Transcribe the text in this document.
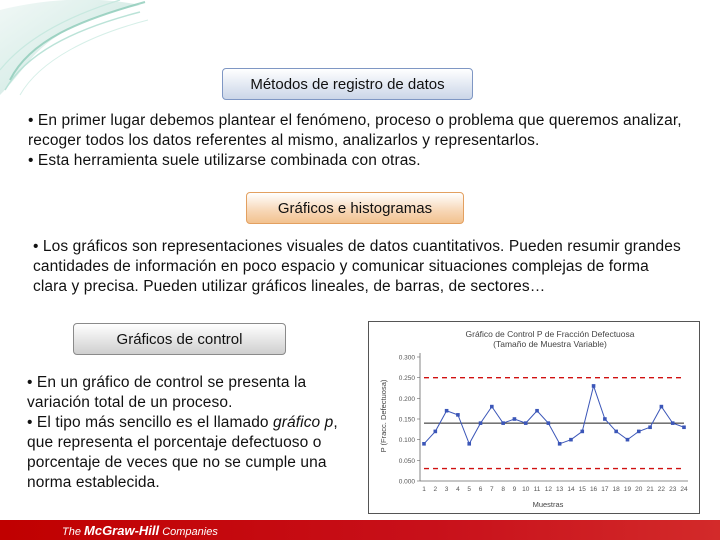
Métodos de registro de datos

• En primer lugar debemos plantear el fenómeno, proceso o problema que queremos analizar, recoger todos los datos referentes al mismo, analizarlos y representarlos.

• Esta herramienta suele utilizarse combinada con otras.

Gráficos e histogramas

• Los gráficos son representaciones visuales de datos cuantitativos. Pueden resumir grandes cantidades de información en poco espacio y comunicar situaciones complejas de forma clara y precisa. Pueden utilizar gráficos lineales, de barras, de sectores…

Gráficos de control

• En un gráfico de control se presenta la variación total de un proceso.

• El tipo más sencillo es el llamado gráfico p, que representa el porcentaje defectuoso o porcentaje de veces que no se cumple una norma establecida.

Gráfico de Control P de Fracción Defectuosa (Tamaño de Muestra Variable)
P (Fracc. Defectuosa)
Muestras
0.000
0.050
0.100
0.150
0.200
0.250
0.300
1 2 3 4 5 6 7 8 9 10 11 12 13 14 15 16 17 18 19 20 21 22 23 24
The McGraw-Hill Companies
